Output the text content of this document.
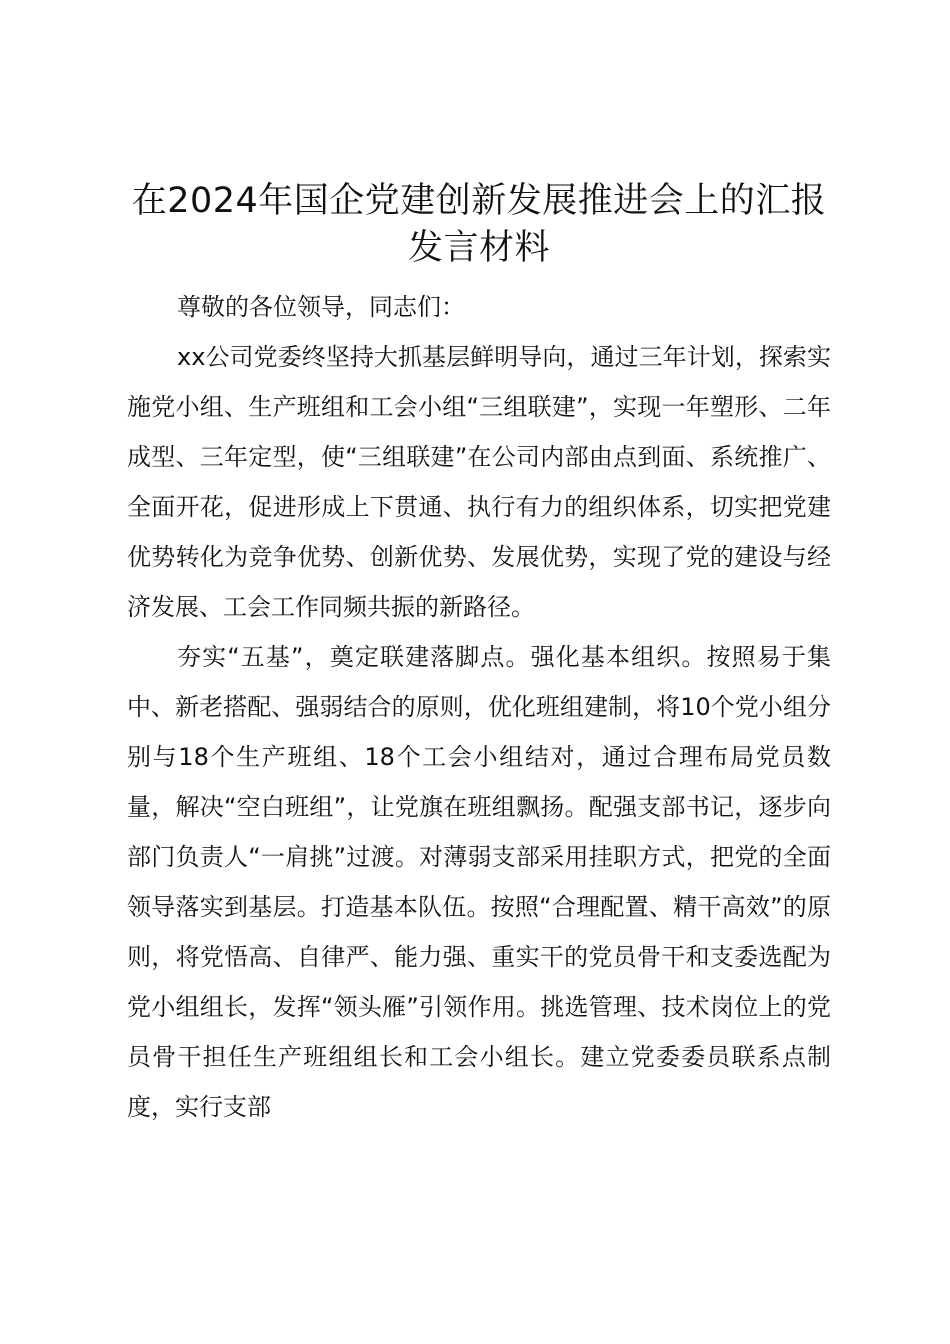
在2024年国企党建创新发展推进会上的汇报
发言材料

尊敬的各位领导，同志们：

xx公司党委终坚持大抓基层鲜明导向，通过三年计划，探索实施党小组、生产班组和工会小组“三组联建”，实现一年塑形、二年成型、三年定型，使“三组联建”在公司内部由点到面、系统推广、全面开花，促进形成上下贯通、执行有力的组织体系，切实把党建优势转化为竞争优势、创新优势、发展优势，实现了党的建设与经济发展、工会工作同频共振的新路径。

夯实“五基”，奠定联建落脚点。强化基本组织。按照易于集中、新老搭配、强弱结合的原则，优化班组建制，将10个党小组分别与18个生产班组、18个工会小组结对，通过合理布局党员数量，解决“空白班组”，让党旗在班组飘扬。配强支部书记，逐步向部门负责人“一肩挑”过渡。对薄弱支部采用挂职方式，把党的全面领导落实到基层。打造基本队伍。按照“合理配置、精干高效”的原则，将党悟高、自律严、能力强、重实干的党员骨干和支委选配为党小组组长，发挥“领头雁”引领作用。挑选管理、技术岗位上的党员骨干担任生产班组组长和工会小组长。建立党委委员联系点制度，实行支部
